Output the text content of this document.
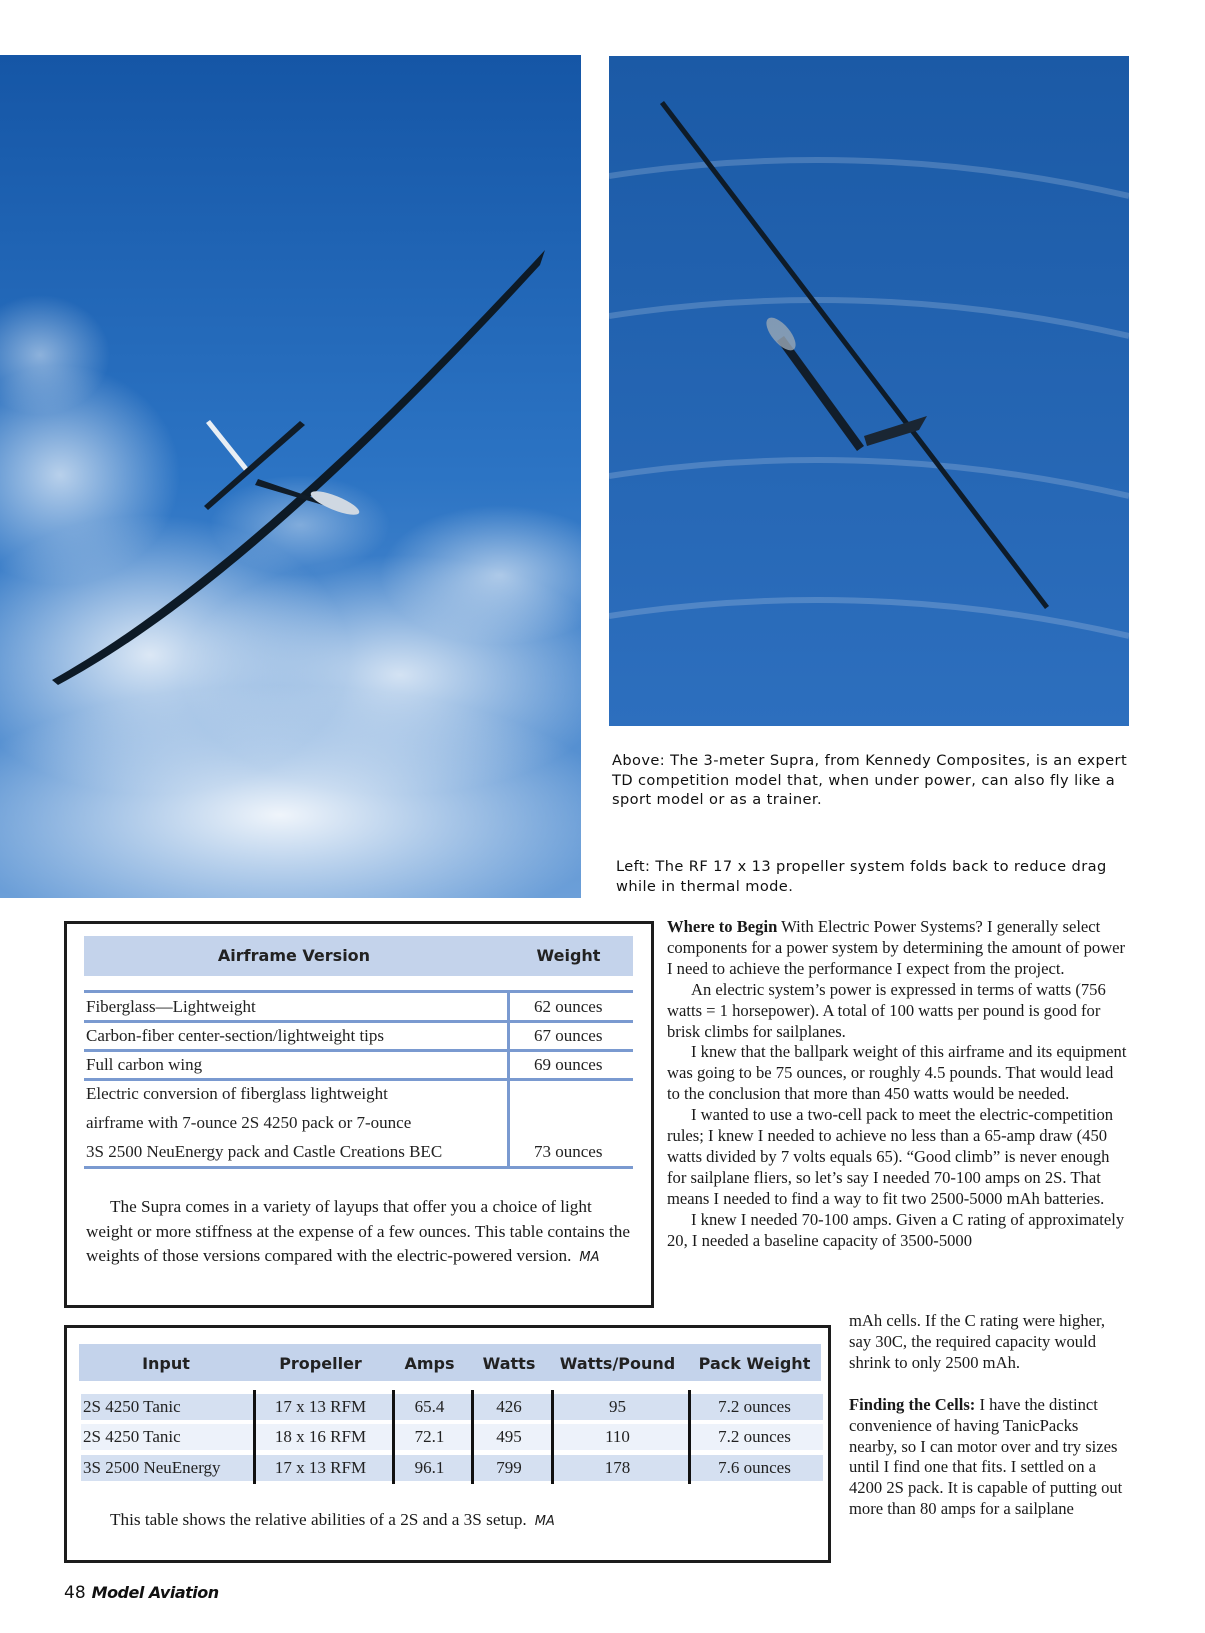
Above: The 3-meter Supra, from Kennedy Composites, is an expert TD competition model that, when under power, can also fly like a sport model or as a trainer.
Left: The RF 17 x 13 propeller system folds back to reduce drag while in thermal mode.
Airframe Version	Weight
Fiberglass—Lightweight	62 ounces
Carbon-fiber center-section/lightweight tips	67 ounces
Full carbon wing	69 ounces
Electric conversion of fiberglass lightweight
airframe with 7-ounce 2S 4250 pack or 7-ounce
3S 2500 NeuEnergy pack and Castle Creations BEC	73 ounces
The Supra comes in a variety of layups that offer you a choice of light weight or more stiffness at the expense of a few ounces. This table contains the weights of those versions compared with the electric-powered version. MA
Input	Propeller	Amps	Watts	Watts/Pound	Pack Weight
2S 4250 Tanic	17 x 13 RFM	65.4	426	95	7.2 ounces
2S 4250 Tanic	18 x 16 RFM	72.1	495	110	7.2 ounces
3S 2500 NeuEnergy	17 x 13 RFM	96.1	799	178	7.6 ounces
This table shows the relative abilities of a 2S and a 3S setup. MA

Where to Begin With Electric Power Systems? I generally select components for a power system by determining the amount of power I need to achieve the performance I expect from the project.

An electric system’s power is expressed in terms of watts (756 watts = 1 horsepower). A total of 100 watts per pound is good for brisk climbs for sailplanes.

I knew that the ballpark weight of this airframe and its equipment was going to be 75 ounces, or roughly 4.5 pounds. That would lead to the conclusion that more than 450 watts would be needed.

I wanted to use a two-cell pack to meet the electric-competition rules; I knew I needed to achieve no less than a 65-amp draw (450 watts divided by 7 volts equals 65). “Good climb” is never enough for sailplane fliers, so let’s say I needed 70-100 amps on 2S. That means I needed to find a way to fit two 2500-5000 mAh batteries.

I knew I needed 70-100 amps. Given a C rating of approximately 20, I needed a baseline capacity of 3500-5000

mAh cells. If the C rating were higher, say 30C, the required capacity would shrink to only 2500 mAh.

Finding the Cells: I have the distinct convenience of having TanicPacks nearby, so I can motor over and try sizes until I find one that fits. I settled on a 4200 2S pack. It is capable of putting out more than 80 amps for a sailplane

48 Model Aviation
